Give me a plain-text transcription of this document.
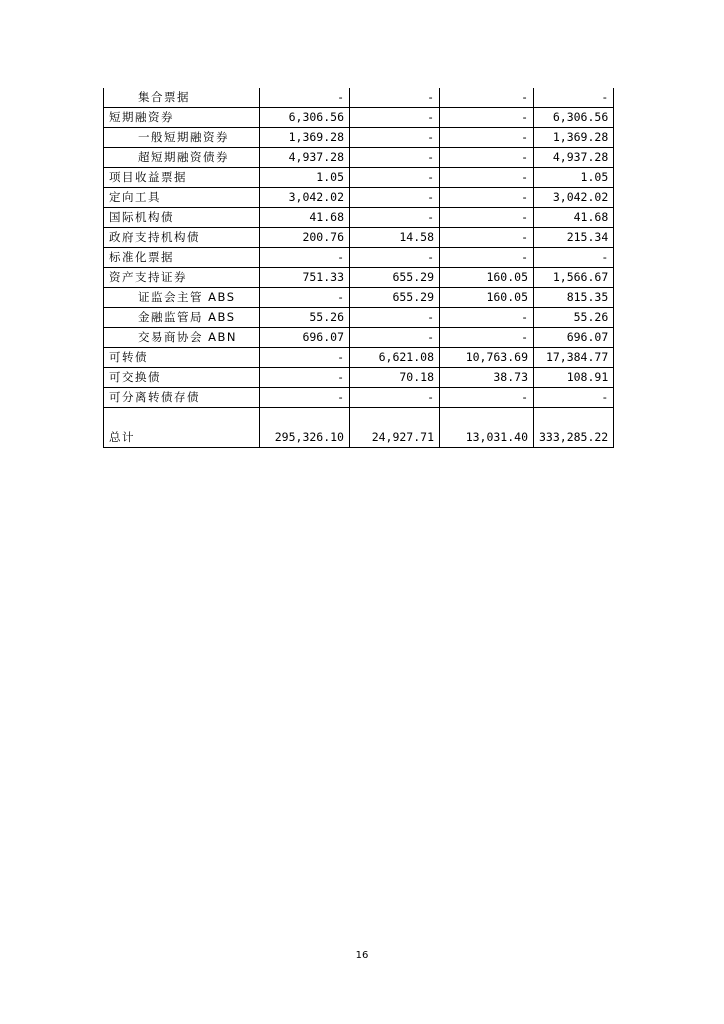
集合票据	-	-	-	-
短期融资券	6,306.56	-	-	6,306.56
一般短期融资券	1,369.28	-	-	1,369.28
超短期融资债券	4,937.28	-	-	4,937.28
项目收益票据	1.05	-	-	1.05
定向工具	3,042.02	-	-	3,042.02
国际机构债	41.68	-	-	41.68
政府支持机构债	200.76	14.58	-	215.34
标准化票据	-	-	-	-
资产支持证券	751.33	655.29	160.05	1,566.67
证监会主管 ABS	-	655.29	160.05	815.35
金融监管局 ABS	55.26	-	-	55.26
交易商协会 ABN	696.07	-	-	696.07
可转债	-	6,621.08	10,763.69	17,384.77
可交换债	-	70.18	38.73	108.91
可分离转债存债	-	-	-	-
总计	295,326.10	24,927.71	13,031.40	333,285.22
16
